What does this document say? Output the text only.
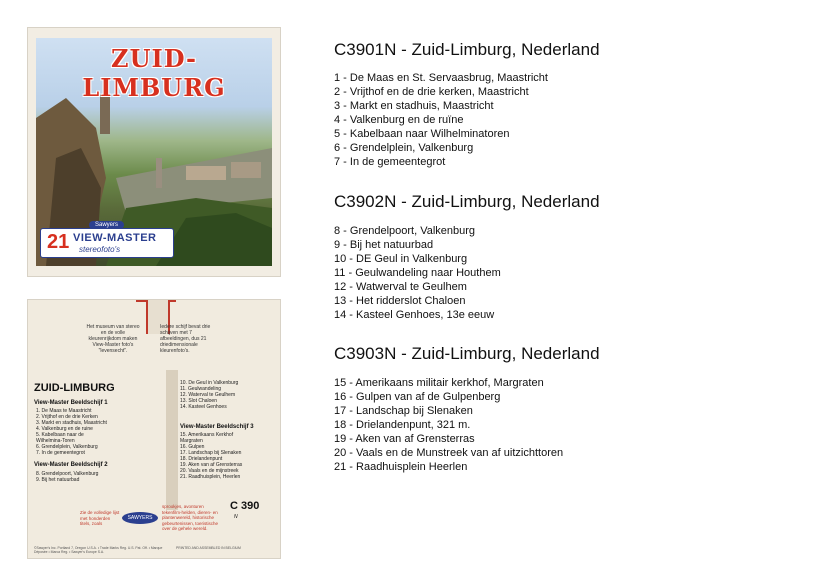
ZUID-LIMBURG
Sawyers
21 VIEW-MASTER
stereofoto's
Het museum van stereo en de volle kleurenrijkdom maken View-Master foto's "levensecht".
Iedere schijf bevat drie schijven met 7 afbeeldingen, dus 21 driedimensionale kleurenfoto's.
ZUID-LIMBURG
View-Master Beeldschijf 1
1. De Maas te Maastricht
2. Vrijthof en de drie Kerken
3. Markt en stadhuis, Maastricht
4. Valkenburg en de ruine
5. Kabelbaan naar de
Wilhelmina-Toren
6. Grendelplein, Valkenburg
7. In de gemeentegrot
View-Master Beeldschijf 2
8. Grendelpoort, Valkenburg
9. Bij het natuurbad
10. De Geul in Valkenburg
11. Geulwandeling
12. Waterval te Geulhem
13. Slot Chaloen
14. Kasteel Genhoes
View-Master Beeldschijf 3
15. Amerikaans Kerkhof
Margraten
16. Gulpen
17. Landschap bij Slenaken
18. Drielandenpunt
19. Aken van af Grensterras
20. Vaals en de mijnstreek
21. Raadhuisplein, Heerlen
C 390
N
Zie de volledige lijst met honderden titels, zoals
SAWYERS
sprookjes, avonturen tekenfilm-helden, dieren- en plantenwereld, historische gebeurtenissen, toeristische over de gehele wereld.
©Sawyer's Inc. Portland 7, Oregon U.S.A. • Trade Marks Reg. U.S. Pat. Off. • Marque Déposée • Marca Reg. • Sawyer's Europe S.A.
PRINTED AND ASSEMBLED IN BELGIUM
C3901N - Zuid-Limburg, Nederland
1 - De Maas en St. Servaasbrug, Maastricht
2 - Vrijthof en de drie kerken, Maastricht
3 - Markt en stadhuis, Maastricht
4 - Valkenburg en de ruïne
5 - Kabelbaan naar Wilhelminatoren
6 - Grendelplein, Valkenburg
7 - In de gemeentegrot
C3902N - Zuid-Limburg, Nederland
8 - Grendelpoort, Valkenburg
9 - Bij het natuurbad
10 - DE Geul in Valkenburg
11 - Geulwandeling naar Houthem
12 - Watwerval te Geulhem
13 - Het ridderslot Chaloen
14 - Kasteel Genhoes, 13e eeuw
C3903N - Zuid-Limburg, Nederland
15 - Amerikaans militair kerkhof, Margraten
16 - Gulpen van af de Gulpenberg
17 - Landschap bij Slenaken
18 - Drielandenpunt, 321 m.
19 - Aken van af Grensterras
20 - Vaals en de Munstreek van af uitzichttoren
21 - Raadhuisplein Heerlen
